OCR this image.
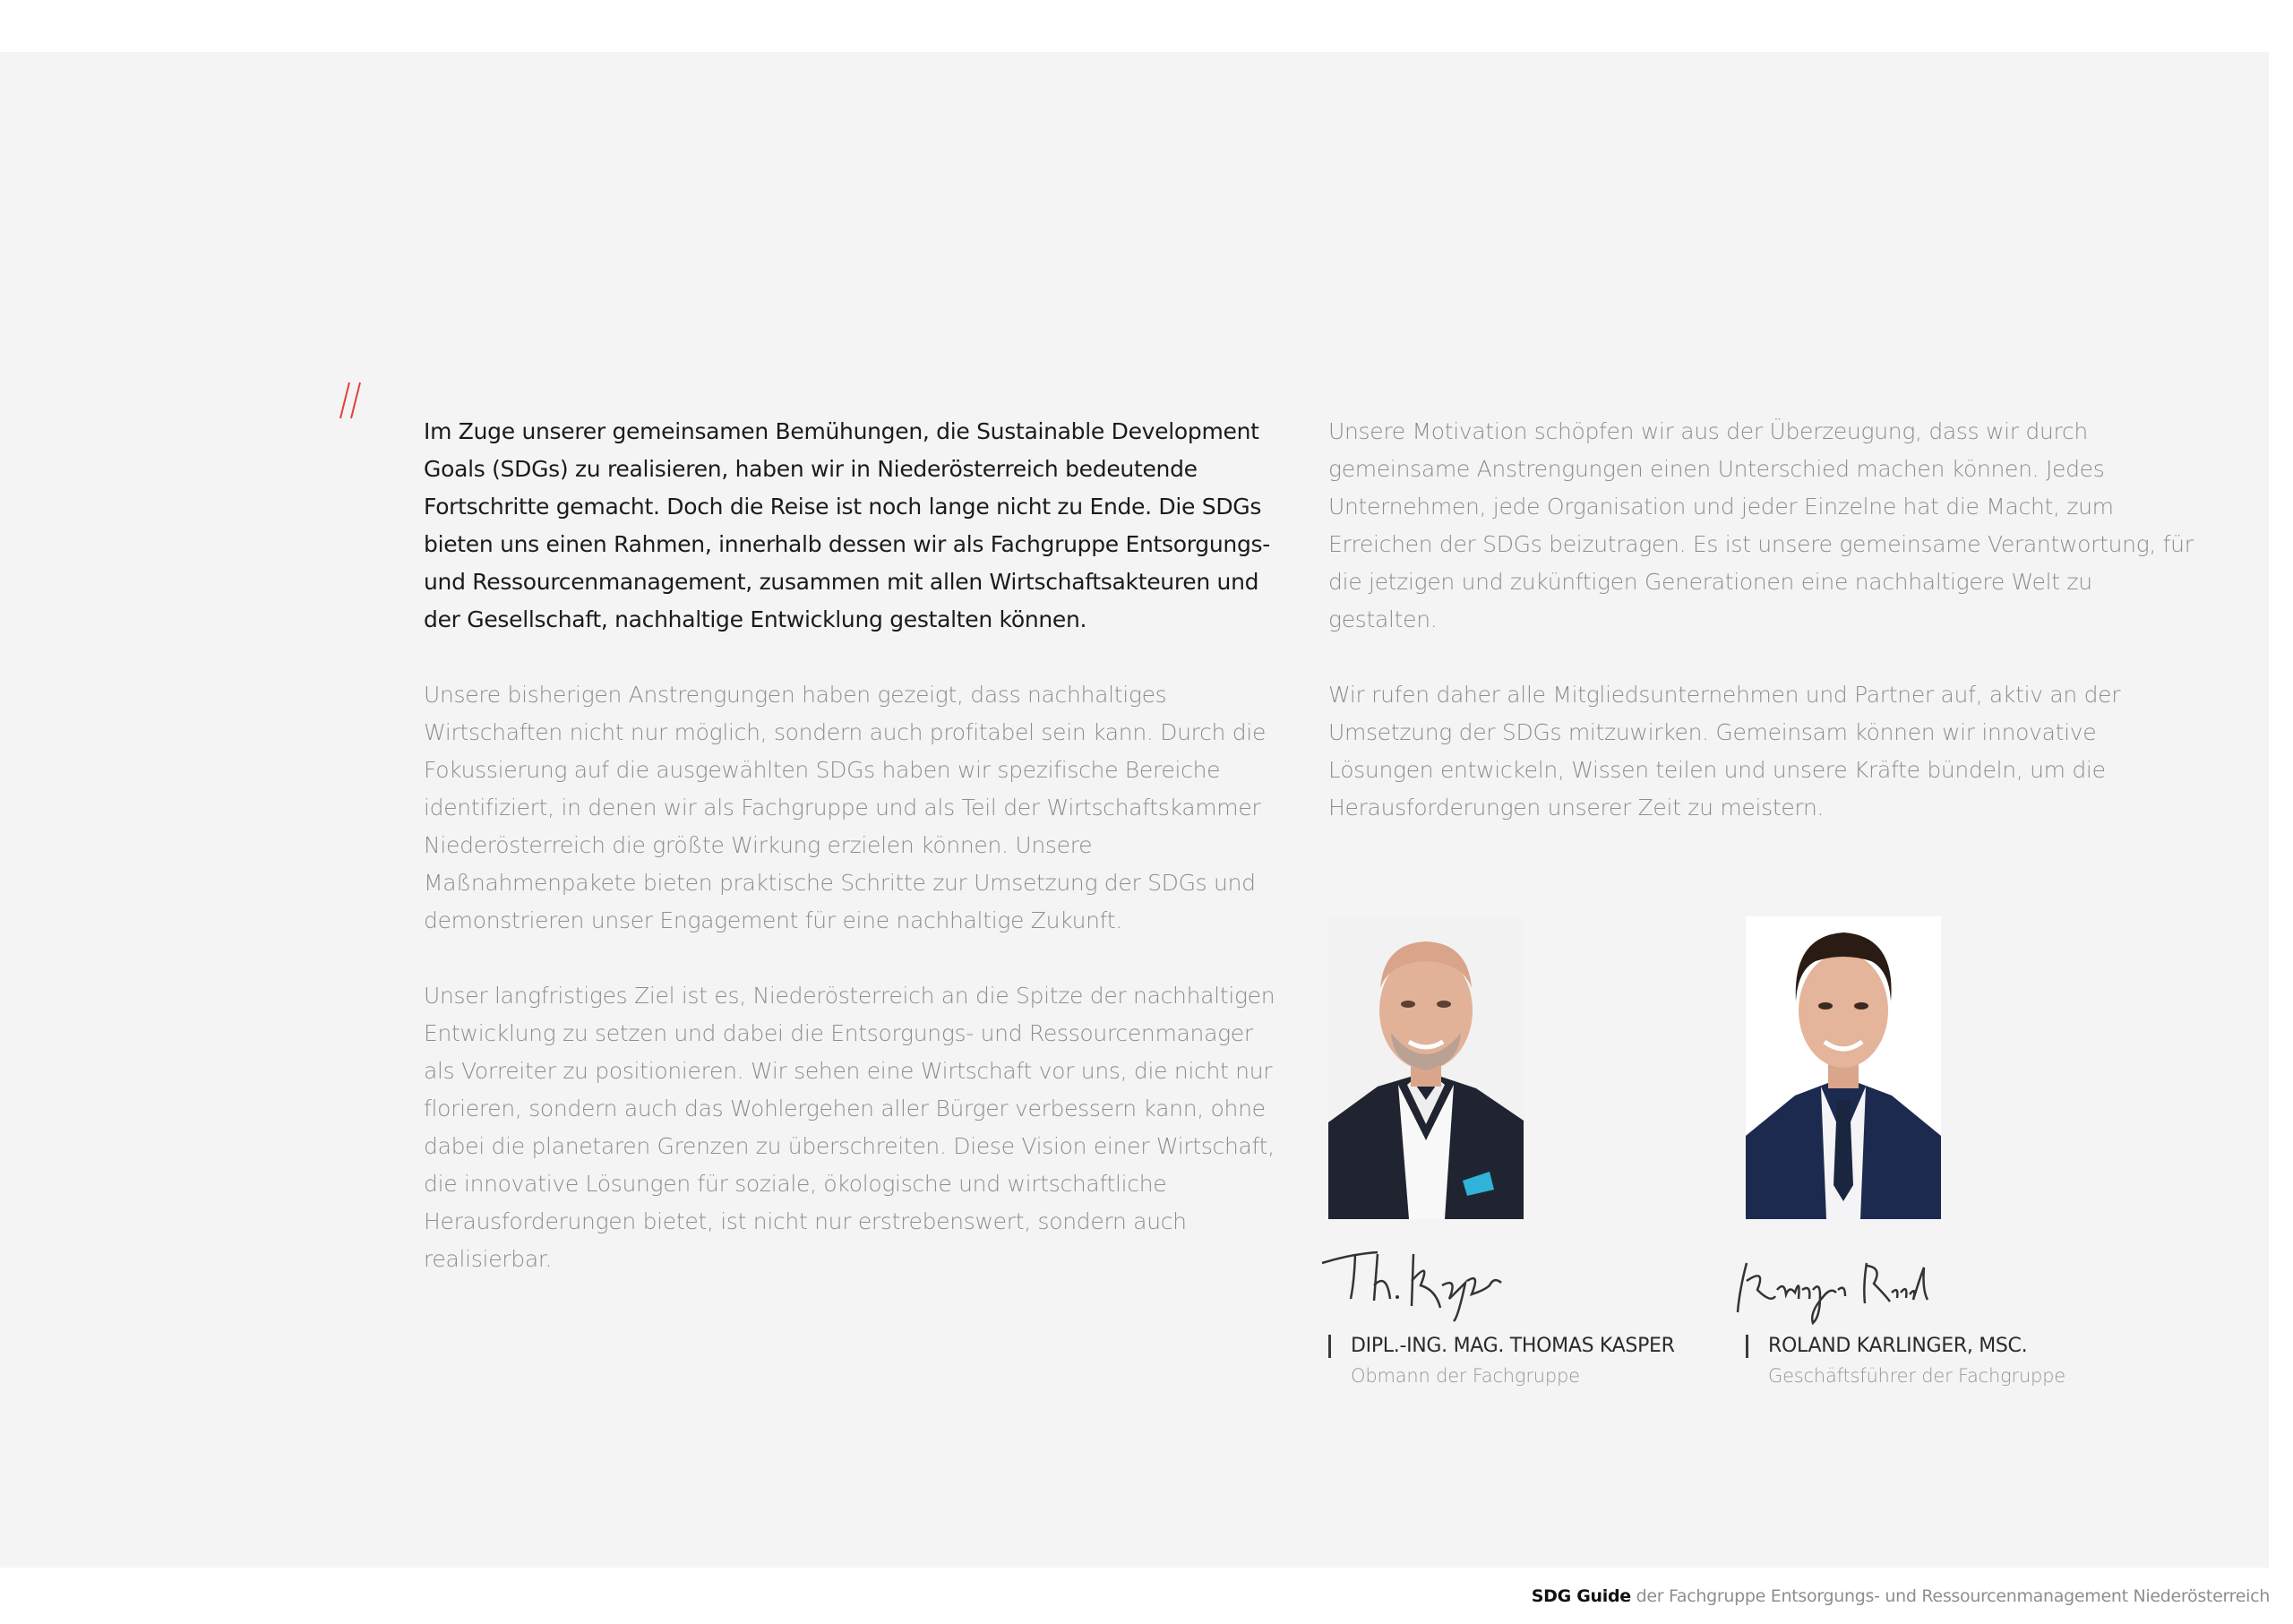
Im Zuge unserer gemeinsamen Bemühungen, die Sustainable Development Goals (SDGs) zu realisieren, haben wir in Niederösterreich bedeutende Fortschritte gemacht. Doch die Reise ist noch lange nicht zu Ende. Die SDGs bieten uns einen Rahmen, innerhalb dessen wir als Fachgruppe Entsorgungs- und Ressourcenmanagement, zusammen mit allen Wirtschaftsakteuren und der Gesellschaft, nachhaltige Entwicklung gestalten können.

Unsere bisherigen Anstrengungen haben gezeigt, dass nachhaltiges Wirtschaften nicht nur möglich, sondern auch profitabel sein kann. Durch die Fokussierung auf die ausgewählten SDGs haben wir spezifische Bereiche identifiziert, in denen wir als Fachgruppe und als Teil der Wirtschaftskammer Niederösterreich die größte Wirkung erzielen können. Unsere Maßnahmenpakete bieten praktische Schritte zur Umsetzung der SDGs und demonstrieren unser Engagement für eine nachhaltige Zukunft.

Unser langfristiges Ziel ist es, Niederösterreich an die Spitze der nachhaltigen Entwicklung zu setzen und dabei die Entsorgungs- und Ressourcenmanager als Vorreiter zu positionieren. Wir sehen eine Wirtschaft vor uns, die nicht nur florieren, sondern auch das Wohlergehen aller Bürger verbessern kann, ohne dabei die planetaren Grenzen zu überschreiten. Diese Vision einer Wirtschaft, die innovative Lösungen für soziale, ökologische und wirtschaftliche Herausforderungen bietet, ist nicht nur erstrebenswert, sondern auch realisierbar.

Unsere Motivation schöpfen wir aus der Überzeugung, dass wir durch gemeinsame Anstrengungen einen Unterschied machen können. Jedes Unternehmen, jede Organisation und jeder Einzelne hat die Macht, zum Erreichen der SDGs beizutragen. Es ist unsere gemeinsame Verantwortung, für die jetzigen und zukünftigen Generationen eine nachhaltigere Welt zu gestalten.

Wir rufen daher alle Mitgliedsunternehmen und Partner auf, aktiv an der Umsetzung der SDGs mitzuwirken. Gemeinsam können wir innovative Lösungen entwickeln, Wissen teilen und unsere Kräfte bündeln, um die Herausforderungen unserer Zeit zu meistern.

DIPL.-ING. MAG. THOMAS KASPER
Obmann der Fachgruppe
ROLAND KARLINGER, MSC.
Geschäftsführer der Fachgruppe
SDG Guide der Fachgruppe Entsorgungs- und Ressourcenmanagement Niederösterreich
